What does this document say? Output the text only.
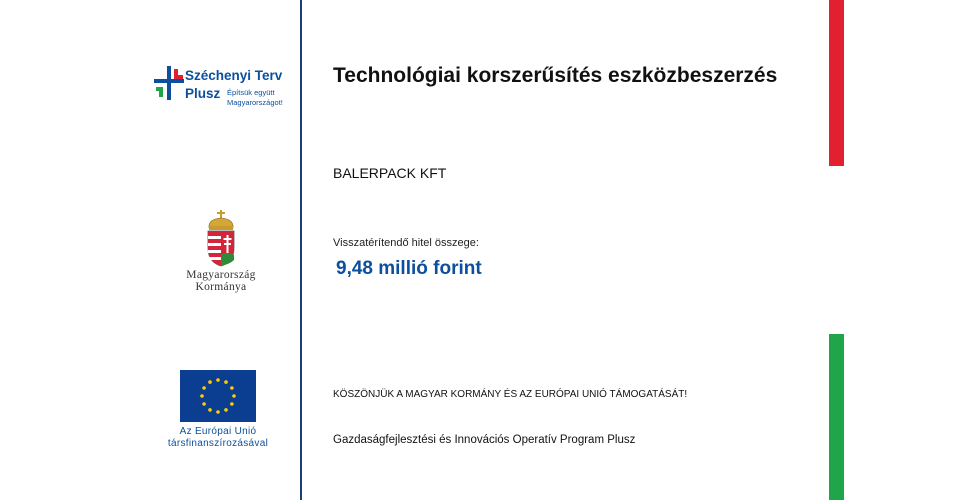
Széchenyi Terv
Plusz Építsük együtt
Magyarországot!
Magyarország
Kormánya
Az Európai Unió
társfinanszírozásával
Technológiai korszerűsítés eszközbeszerzés
BALERPACK KFT
Visszatérítendő hitel összege:
9,48 millió forint
KÖSZÖNJÜK A MAGYAR KORMÁNY ÉS AZ EURÓPAI UNIÓ TÁMOGATÁSÁT!
Gazdaságfejlesztési és Innovációs Operatív Program Plusz
